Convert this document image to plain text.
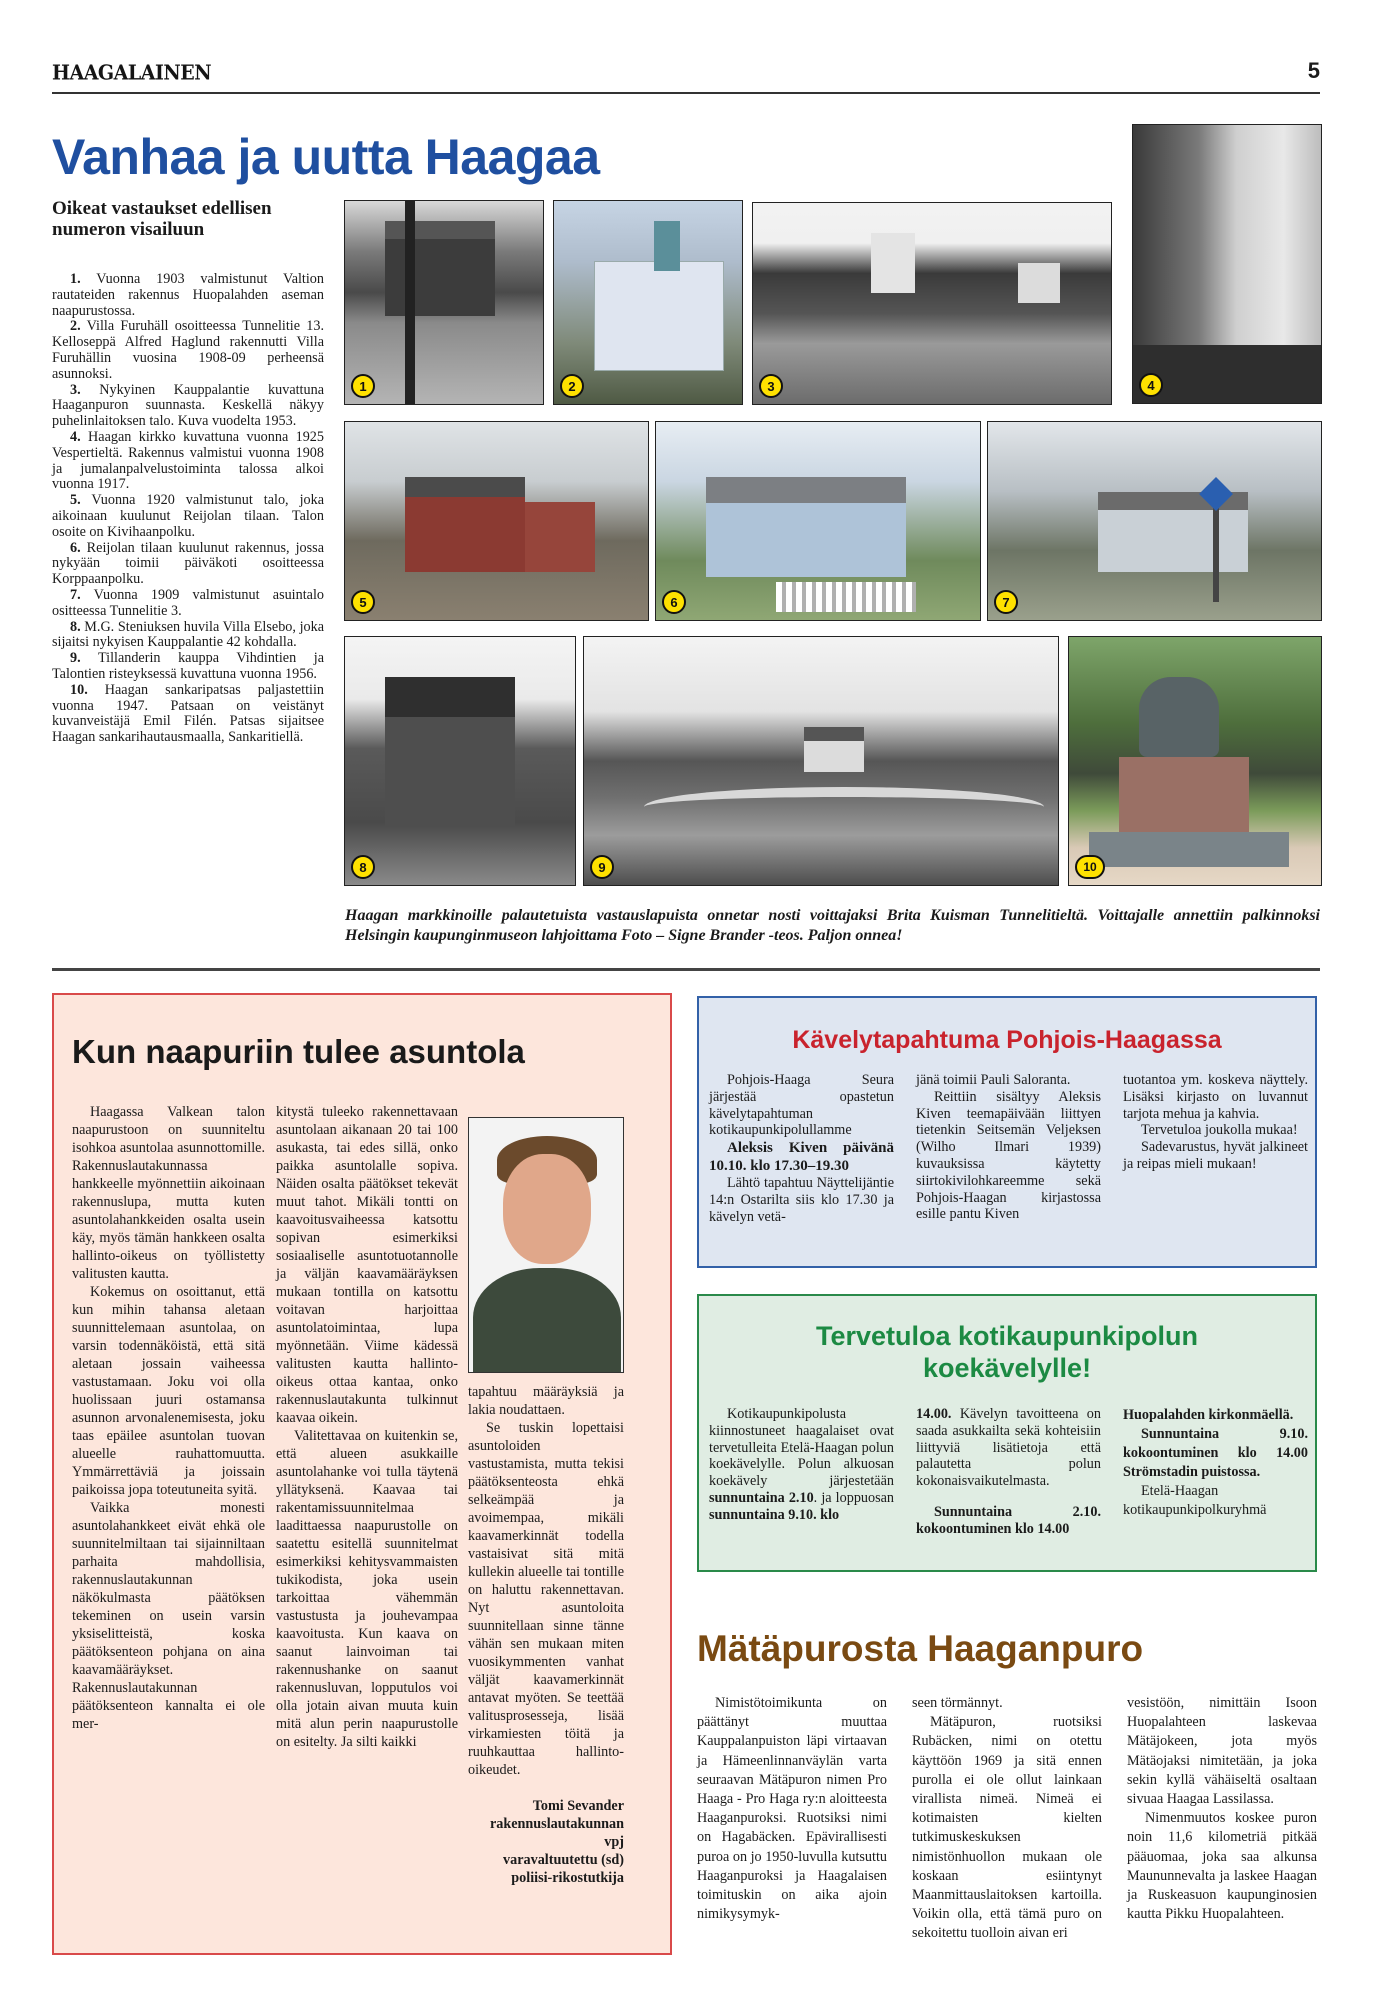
HAAGALAINEN	5
Vanhaa ja uutta Haagaa
Oikeat vastaukset edellisen numeron visailuun

1. Vuonna 1903 valmistunut Valtion rautateiden rakennus Huopalahden aseman naapurustossa.

2. Villa Furuhäll osoitteessa Tunnelitie 13. Kelloseppä Alfred Haglund rakennutti Villa Furuhällin vuosina 1908-09 perheensä asunnoksi.

3. Nykyinen Kauppalantie kuvattuna Haaganpuron suunnasta. Keskellä näkyy puhelinlaitoksen talo. Kuva vuodelta 1953.

4. Haagan kirkko kuvattuna vuonna 1925 Vespertieltä. Rakennus valmistui vuonna 1908 ja jumalanpalvelustoiminta talossa alkoi vuonna 1917.

5. Vuonna 1920 valmistunut talo, joka aikoinaan kuulunut Reijolan tilaan. Talon osoite on Kivihaanpolku.

6. Reijolan tilaan kuulunut rakennus, jossa nykyään toimii päiväkoti osoitteessa Korppaanpolku.

7. Vuonna 1909 valmistunut asuintalo ositteessa Tunnelitie 3.

8. M.G. Steniuksen huvila Villa Elsebo, joka sijaitsi nykyisen Kauppalantie 42 kohdalla.

9. Tillanderin kauppa Vihdintien ja Talontien risteyksessä kuvattuna vuonna 1956.

10. Haagan sankaripatsas paljastettiin vuonna 1947. Patsaan on veistänyt kuvanveistäjä Emil Filén. Patsas sijaitsee Haagan sankarihautausmaalla, Sankaritiellä.

1	2	3	4
5	6	7
8	9	10
Haagan markkinoille palautetuista vastauslapuista onnetar nosti voittajaksi Brita Kuisman Tunnelitieltä. Voittajalle annettiin palkinnoksi Helsingin kaupunginmuseon lahjoittama Foto – Signe Brander -teos. Paljon onnea!
Kun naapuriin tulee asuntola

Haagassa Valkean talon naapurustoon on suunniteltu isohkoa asuntolaa asunnottomille. Rakennuslautakunnassa hankkeelle myönnettiin aikoinaan rakennuslupa, mutta kuten asuntolahankkeiden osalta usein käy, myös tämän hankkeen osalta hallinto-oikeus on työllistetty valitusten kautta.

Kokemus on osoittanut, että kun mihin tahansa aletaan suunnittelemaan asuntolaa, on varsin todennäköistä, että sitä aletaan jossain vaiheessa vastustamaan. Joku voi olla huolissaan juuri ostamansa asunnon arvonalenemisesta, joku taas epäilee asuntolan tuovan alueelle rauhattomuutta. Ymmärrettäviä ja joissain paikoissa jopa toteutuneita syitä.

Vaikka monesti asuntolahankkeet eivät ehkä ole suunnitelmiltaan tai sijainniltaan parhaita mahdollisia, rakennuslautakunnan näkökulmasta päätöksen tekeminen on usein varsin yksiselitteistä, koska päätöksenteon pohjana on aina kaavamääräykset. Rakennuslautakunnan päätöksenteon kannalta ei ole mer-

kitystä tuleeko rakennettavaan asuntolaan aikanaan 20 tai 100 asukasta, tai edes sillä, onko paikka asuntolalle sopiva. Näiden osalta päätökset tekevät muut tahot. Mikäli tontti on kaavoitusvaiheessa katsottu sopivan esimerkiksi sosiaaliselle asuntotuotannolle ja väljän kaavamääräyksen mukaan tontilla on katsottu voitavan harjoittaa asuntolatoimintaa, lupa myönnetään. Viime kädessä valitusten kautta hallinto-oikeus ottaa kantaa, onko rakennuslautakunta tulkinnut kaavaa oikein.

Valitettavaa on kuitenkin se, että alueen asukkaille asuntolahanke voi tulla täytenä yllätyksenä. Kaavaa tai rakentamissuunnitelmaa laadittaessa naapurustolle on saatettu esitellä suunnitelmat esimerkiksi kehitysvammaisten tukikodista, joka usein tarkoittaa vähemmän vastustusta ja jouhevampaa kaavoitusta. Kun kaava on saanut lainvoiman tai rakennushanke on saanut rakennusluvan, lopputulos voi olla jotain aivan muuta kuin mitä alun perin naapurustolle on esitelty. Ja silti kaikki

tapahtuu määräyksiä ja lakia noudattaen.

Se tuskin lopettaisi asuntoloiden vastustamista, mutta tekisi päätöksenteosta ehkä selkeämpää ja avoimempaa, mikäli kaavamerkinnät todella vastaisivat sitä mitä kullekin alueelle tai tontille on haluttu rakennettavan. Nyt asuntoloita suunnitellaan sinne tänne vähän sen mukaan miten vuosikymmenten vanhat väljät kaavamerkinnät antavat myöten. Se teettää valitusprosesseja, lisää virkamiesten töitä ja ruuhkauttaa hallinto-oikeudet.

Tomi Sevander
rakennuslautakunnan
vpj
varavaltuutettu (sd)
poliisi-rikostutkija
Kävelytapahtuma Pohjois-Haagassa

Pohjois-Haaga Seura järjestää opastetun kävelytapahtuman kotikaupunkipolullamme

Aleksis Kiven päivänä 10.10. klo 17.30–19.30

Lähtö tapahtuu Näyttelijäntie 14:n Ostarilta siis klo 17.30 ja kävelyn vetä-

jänä toimii Pauli Saloranta.

Reittiin sisältyy Aleksis Kiven teemapäivään liittyen tietenkin Seitsemän Veljeksen (Wilho Ilmari 1939) kuvauksissa käytetty siirtokivilohkareemme sekä Pohjois-Haagan kirjastossa esille pantu Kiven

tuotantoa ym. koskeva näyttely. Lisäksi kirjasto on luvannut tarjota mehua ja kahvia.

Tervetuloa joukolla mukaa!

Sadevarustus, hyvät jalkineet ja reipas mieli mukaan!

Tervetuloa kotikaupunkipolun
koekävelylle!

Kotikaupunkipolusta kiinnostuneet haagalaiset ovat tervetulleita Etelä-Haagan polun koekävelylle. Polun alkuosan koekävely järjestetään sunnuntaina 2.10. ja loppuosan sunnuntaina 9.10. klo

14.00. Kävelyn tavoitteena on saada asukkailta sekä kohteisiin liittyviä lisätietoja että palautetta polun kokonaisvaikutelmasta.

Sunnuntaina 2.10. kokoontuminen klo 14.00

Huopalahden kirkonmäellä.

Sunnuntaina 9.10. kokoontuminen klo 14.00 Strömstadin puistossa.

Etelä-Haagan kotikaupunkipolkuryhmä

Mätäpurosta Haaganpuro

Nimistötoimikunta on päättänyt muuttaa Kauppalanpuiston läpi virtaavan ja Hämeenlinnanväylän varta seuraavan Mätäpuron nimen Pro Haaga - Pro Haga ry:n aloitteesta Haaganpuroksi. Ruotsiksi nimi on Hagabäcken. Epävirallisesti puroa on jo 1950-luvulla kutsuttu Haaganpuroksi ja Haagalaisen toimituskin on aika ajoin nimikysymyk-

seen törmännyt.

Mätäpuron, ruotsiksi Rubäcken, nimi on otettu käyttöön 1969 ja sitä ennen purolla ei ole ollut lainkaan virallista nimeä. Nimeä ei kotimaisten kielten tutkimuskeskuksen nimistönhuollon mukaan ole koskaan esiintynyt Maanmittauslaitoksen kartoilla. Voikin olla, että tämä puro on sekoitettu tuolloin aivan eri

vesistöön, nimittäin Isoon Huopalahteen laskevaa Mätäjokeen, jota myös Mätäojaksi nimitetään, ja joka sekin kyllä vähäiseltä osaltaan sivuaa Haagaa Lassilassa.

Nimenmuutos koskee puron noin 11,6 kilometriä pitkää pääuomaa, joka saa alkunsa Maununnevalta ja laskee Haagan ja Ruskeasuon kaupunginosien kautta Pikku Huopalahteen.
